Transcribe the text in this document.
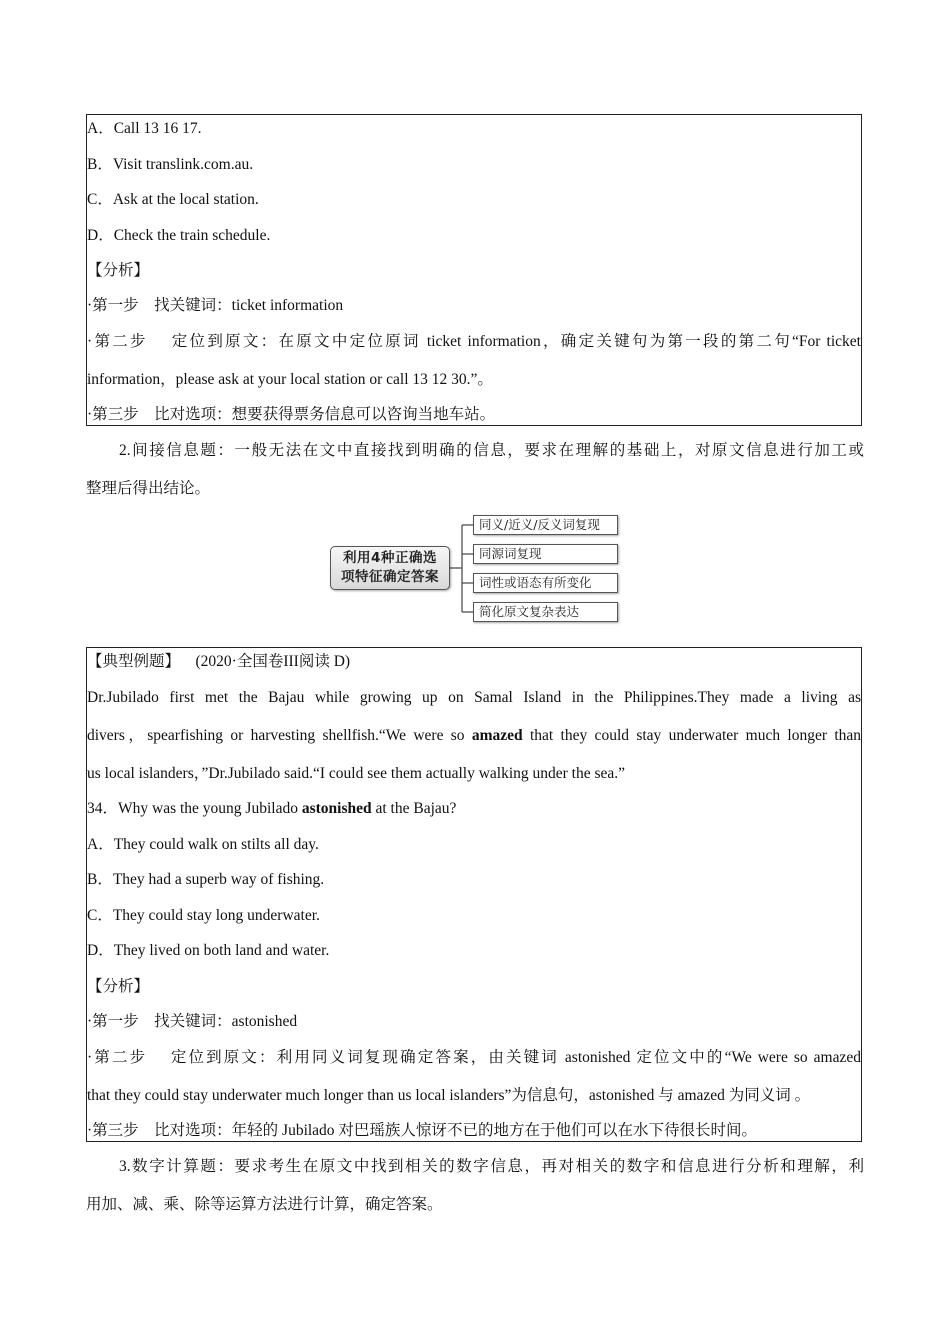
A．Call 13 16 17.
B．Visit translink.com.au.
C．Ask at the local station.
D．Check the train schedule.
【分析】
·第一步　找关键词：ticket information
·第二步　 定位到原文：在原文中定位原词 ticket information，确定关键句为第一段的第二句“For ticket
information，please ask at your local station or call 13 12 30.”。
·第三步　比对选项：想要获得票务信息可以咨询当地车站。
2.间接信息题：一般无法在文中直接找到明确的信息，要求在理解的基础上，对原文信息进行加工或
整理后得出结论。
利用4种正确选
项特征确定答案
同义/近义/反义词复现
同源词复现
词性或语态有所变化
简化原文复杂表达
【典型例题】 (2020·全国卷III阅读 D)
Dr.Jubilado first met the Bajau while growing up on Samal Island in the Philippines.They made a living as
divers，spearfishing or harvesting shellfish.“We were so amazed that they could stay underwater much longer than
us local islanders，”Dr.Jubilado said.“I could see them actually walking under the sea.”
34．Why was the young Jubilado astonished at the Bajau?
A．They could walk on stilts all day.
B．They had a superb way of fishing.
C．They could stay long underwater.
D．They lived on both land and water.
【分析】
·第一步　找关键词：astonished
·第二步　 定位到原文：利用同义词复现确定答案，由关键词 astonished 定位文中的“We were so amazed
that they could stay underwater much longer than us local islanders”为信息句，astonished 与 amazed 为同义词 。
·第三步　比对选项：年轻的 Jubilado 对巴瑶族人惊讶不已的地方在于他们可以在水下待很长时间。
3.数字计算题：要求考生在原文中找到相关的数字信息，再对相关的数字和信息进行分析和理解，利
用加、减、乘、除等运算方法进行计算，确定答案。
